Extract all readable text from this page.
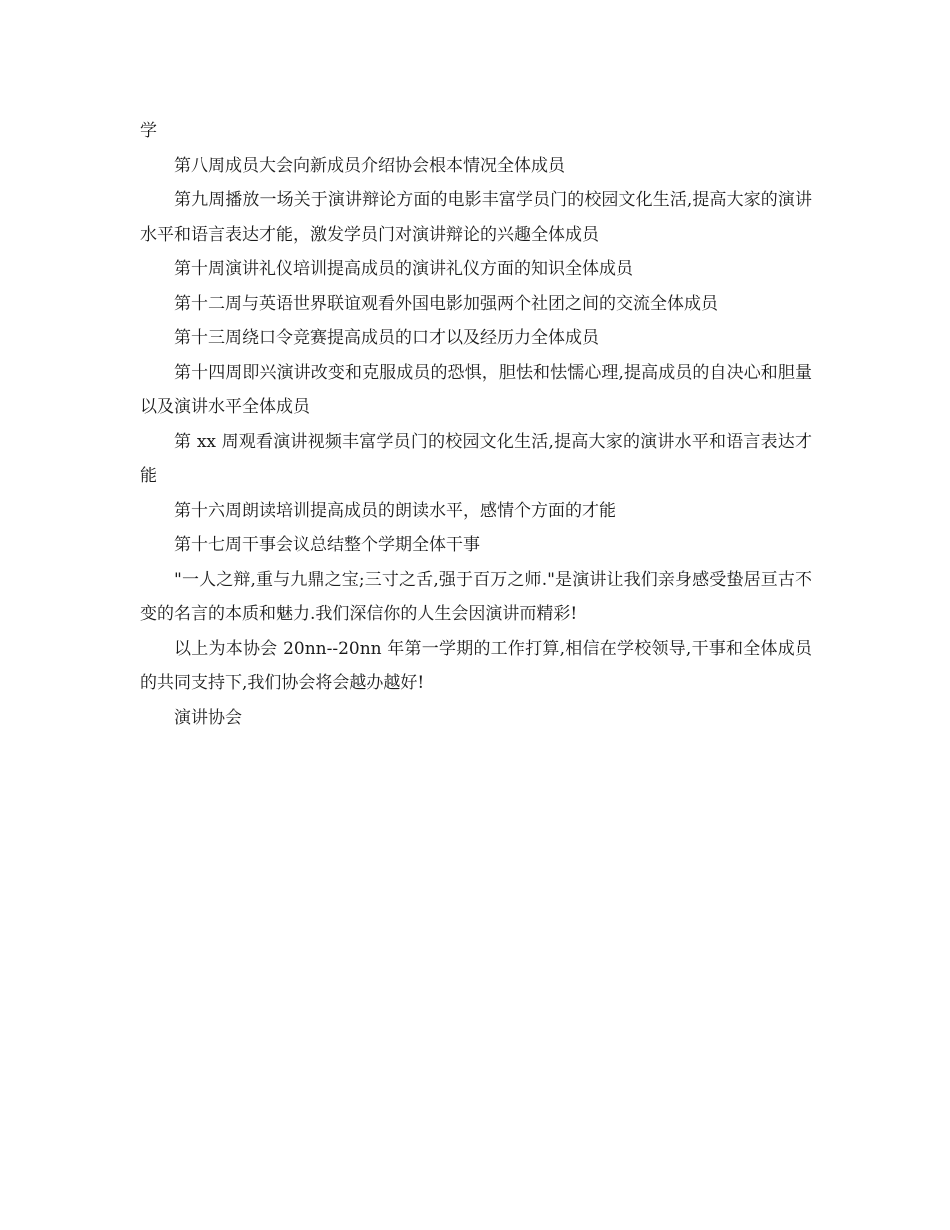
学

第八周成员大会向新成员介绍协会根本情况全体成员

第九周播放一场关于演讲辩论方面的电影丰富学员门的校园文化生活,提高大家的演讲水平和语言表达才能，激发学员门对演讲辩论的兴趣全体成员

第十周演讲礼仪培训提高成员的演讲礼仪方面的知识全体成员

第十二周与英语世界联谊观看外国电影加强两个社团之间的交流全体成员

第十三周绕口令竞赛提高成员的口才以及经历力全体成员

第十四周即兴演讲改变和克服成员的恐惧，胆怯和怯懦心理,提高成员的自决心和胆量以及演讲水平全体成员

第 xx 周观看演讲视频丰富学员门的校园文化生活,提高大家的演讲水平和语言表达才能

第十六周朗读培训提高成员的朗读水平，感情个方面的才能

第十七周干事会议总结整个学期全体干事

"一人之辩,重与九鼎之宝;三寸之舌,强于百万之师."是演讲让我们亲身感受蛰居亘古不变的名言的本质和魅力.我们深信你的人生会因演讲而精彩!

以上为本协会 20nn--20nn 年第一学期的工作打算,相信在学校领导,干事和全体成员的共同支持下,我们协会将会越办越好!

演讲协会
